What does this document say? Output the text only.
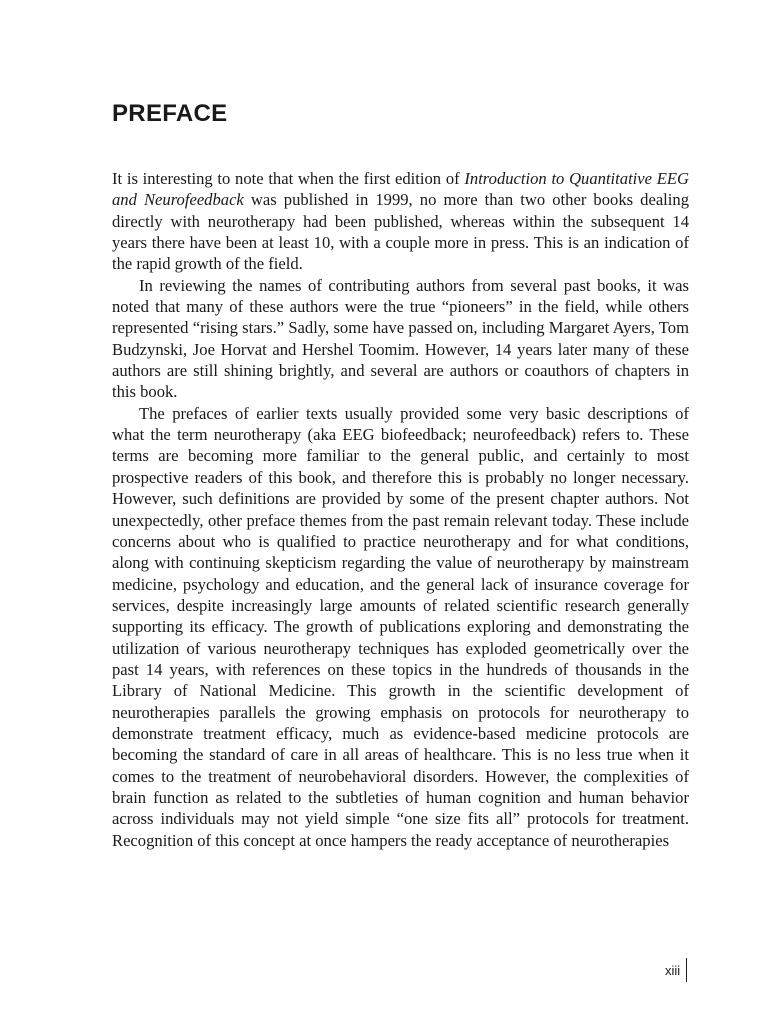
PREFACE

It is interesting to note that when the first edition of Introduction to Quantitative EEG and Neurofeedback was published in 1999, no more than two other books dealing directly with neurotherapy had been published, whereas within the subsequent 14 years there have been at least 10, with a couple more in press. This is an indication of the rapid growth of the field.

In reviewing the names of contributing authors from several past books, it was noted that many of these authors were the true “pioneers” in the field, while others represented “rising stars.” Sadly, some have passed on, including Margaret Ayers, Tom Budzynski, Joe Horvat and Hershel Toomim. However, 14 years later many of these authors are still shining brightly, and several are authors or coauthors of chapters in this book.

The prefaces of earlier texts usually provided some very basic descriptions of what the term neurotherapy (aka EEG biofeedback; neurofeedback) refers to. These terms are becoming more familiar to the general public, and certainly to most prospective readers of this book, and therefore this is probably no longer necessary. However, such definitions are provided by some of the present chapter authors. Not unexpectedly, other preface themes from the past remain relevant today. These include concerns about who is qualified to practice neurotherapy and for what conditions, along with continuing skepticism regarding the value of neurotherapy by mainstream medicine, psychology and education, and the general lack of insurance coverage for services, despite increasingly large amounts of related scientific research generally supporting its efficacy. The growth of publications exploring and demonstrating the utilization of various neurotherapy techniques has exploded geometrically over the past 14 years, with references on these topics in the hundreds of thousands in the Library of National Medicine. This growth in the scientific development of neurotherapies parallels the growing emphasis on protocols for neurotherapy to demonstrate treatment efficacy, much as evidence-based medicine protocols are becoming the standard of care in all areas of healthcare. This is no less true when it comes to the treatment of neurobehavioral disorders. However, the complexities of brain function as related to the subtleties of human cognition and human behavior across individuals may not yield simple “one size fits all” protocols for treatment. Recognition of this concept at once hampers the ready acceptance of neurotherapies

xiii
